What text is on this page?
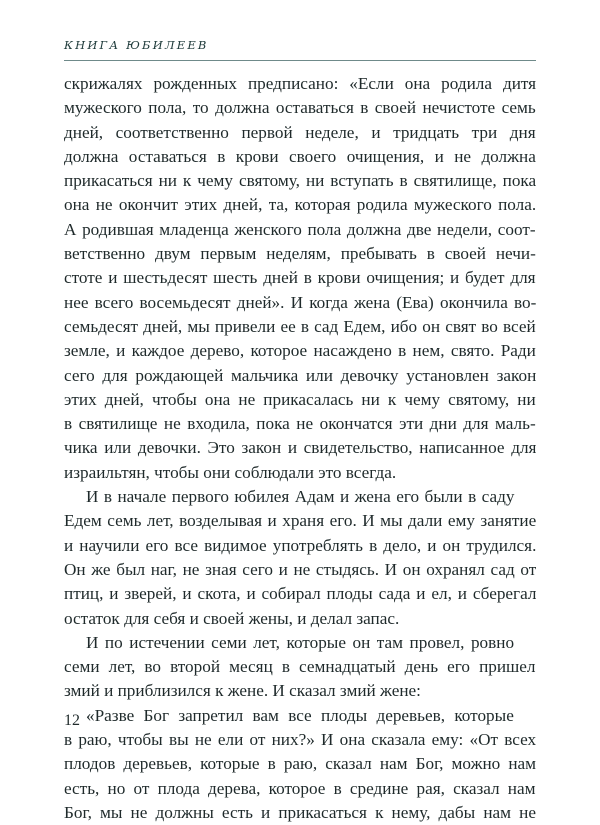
КНИГА ЮБИЛЕЕВ
скрижалях рожденных предписано: «Если она родила дитя
мужеского пола, то должна оставаться в своей нечистоте семь
дней, соответственно первой неделе, и тридцать три дня
должна оставаться в крови своего очищения, и не должна
прикасаться ни к чему святому, ни вступать в святилище, пока
она не окончит этих дней, та, которая родила мужеского пола.
А родившая младенца женского пола должна две недели, соот-
ветственно двум первым неделям, пребывать в своей нечи-
стоте и шестьдесят шесть дней в крови очищения; и будет для
нее всего восемьдесят дней». И когда жена (Ева) окончила во-
семьдесят дней, мы привели ее в сад Едем, ибо он свят во всей
земле, и каждое дерево, которое насаждено в нем, свято. Ради
сего для рождающей мальчика или девочку установлен закон
этих дней, чтобы она не прикасалась ни к чему святому, ни
в святилище не входила, пока не окончатся эти дни для маль-
чика или девочки. Это закон и свидетельство, написанное для
израильтян, чтобы они соблюдали это всегда.
И в начале первого юбилея Адам и жена его были в саду
Едем семь лет, возделывая и храня его. И мы дали ему занятие
и научили его все видимое употреблять в дело, и он трудился.
Он же был наг, не зная сего и не стыдясь. И он охранял сад от
птиц, и зверей, и скота, и собирал плоды сада и ел, и сберегал
остаток для себя и своей жены, и делал запас.
И по истечении семи лет, которые он там провел, ровно
семи лет, во второй месяц в семнадцатый день его пришел
змий и приблизился к жене. И сказал змий жене:
«Разве Бог запретил вам все плоды деревьев, которые
в раю, чтобы вы не ели от них?» И она сказала ему: «От всех
плодов деревьев, которые в раю, сказал нам Бог, можно нам
есть, но от плода дерева, которое в средине рая, сказал нам
Бог, мы не должны есть и прикасаться к нему, дабы нам не
12
